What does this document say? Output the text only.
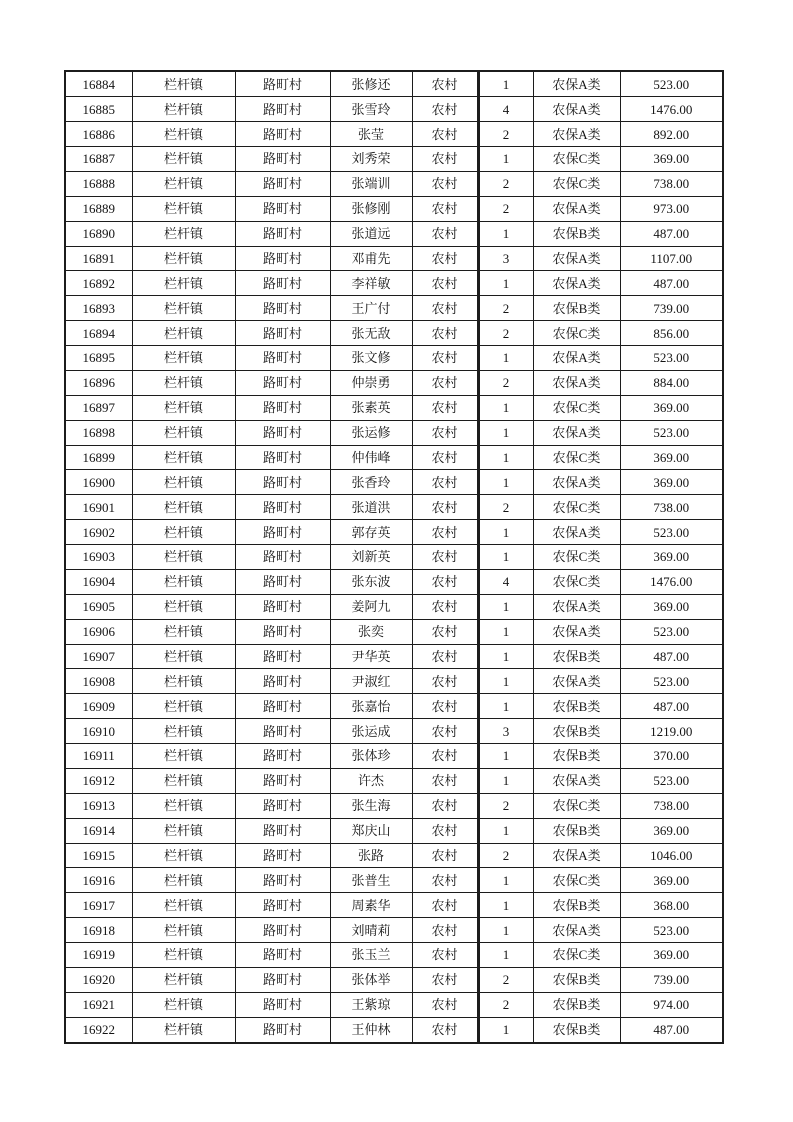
16884	栏杆镇	路町村	张修还	农村	1	农保A类	523.00
16885	栏杆镇	路町村	张雪玲	农村	4	农保A类	1476.00
16886	栏杆镇	路町村	张莹	农村	2	农保A类	892.00
16887	栏杆镇	路町村	刘秀荣	农村	1	农保C类	369.00
16888	栏杆镇	路町村	张端训	农村	2	农保C类	738.00
16889	栏杆镇	路町村	张修刚	农村	2	农保A类	973.00
16890	栏杆镇	路町村	张道远	农村	1	农保B类	487.00
16891	栏杆镇	路町村	邓甫先	农村	3	农保A类	1107.00
16892	栏杆镇	路町村	李祥敏	农村	1	农保A类	487.00
16893	栏杆镇	路町村	王广付	农村	2	农保B类	739.00
16894	栏杆镇	路町村	张无敌	农村	2	农保C类	856.00
16895	栏杆镇	路町村	张文修	农村	1	农保A类	523.00
16896	栏杆镇	路町村	仲崇勇	农村	2	农保A类	884.00
16897	栏杆镇	路町村	张素英	农村	1	农保C类	369.00
16898	栏杆镇	路町村	张运修	农村	1	农保A类	523.00
16899	栏杆镇	路町村	仲伟峰	农村	1	农保C类	369.00
16900	栏杆镇	路町村	张香玲	农村	1	农保A类	369.00
16901	栏杆镇	路町村	张道洪	农村	2	农保C类	738.00
16902	栏杆镇	路町村	郭存英	农村	1	农保A类	523.00
16903	栏杆镇	路町村	刘新英	农村	1	农保C类	369.00
16904	栏杆镇	路町村	张东波	农村	4	农保C类	1476.00
16905	栏杆镇	路町村	姜阿九	农村	1	农保A类	369.00
16906	栏杆镇	路町村	张奕	农村	1	农保A类	523.00
16907	栏杆镇	路町村	尹华英	农村	1	农保B类	487.00
16908	栏杆镇	路町村	尹淑红	农村	1	农保A类	523.00
16909	栏杆镇	路町村	张嘉怡	农村	1	农保B类	487.00
16910	栏杆镇	路町村	张运成	农村	3	农保B类	1219.00
16911	栏杆镇	路町村	张体珍	农村	1	农保B类	370.00
16912	栏杆镇	路町村	许杰	农村	1	农保A类	523.00
16913	栏杆镇	路町村	张生海	农村	2	农保C类	738.00
16914	栏杆镇	路町村	郑庆山	农村	1	农保B类	369.00
16915	栏杆镇	路町村	张路	农村	2	农保A类	1046.00
16916	栏杆镇	路町村	张普生	农村	1	农保C类	369.00
16917	栏杆镇	路町村	周素华	农村	1	农保B类	368.00
16918	栏杆镇	路町村	刘晴莉	农村	1	农保A类	523.00
16919	栏杆镇	路町村	张玉兰	农村	1	农保C类	369.00
16920	栏杆镇	路町村	张体举	农村	2	农保B类	739.00
16921	栏杆镇	路町村	王紫琼	农村	2	农保B类	974.00
16922	栏杆镇	路町村	王仲林	农村	1	农保B类	487.00
